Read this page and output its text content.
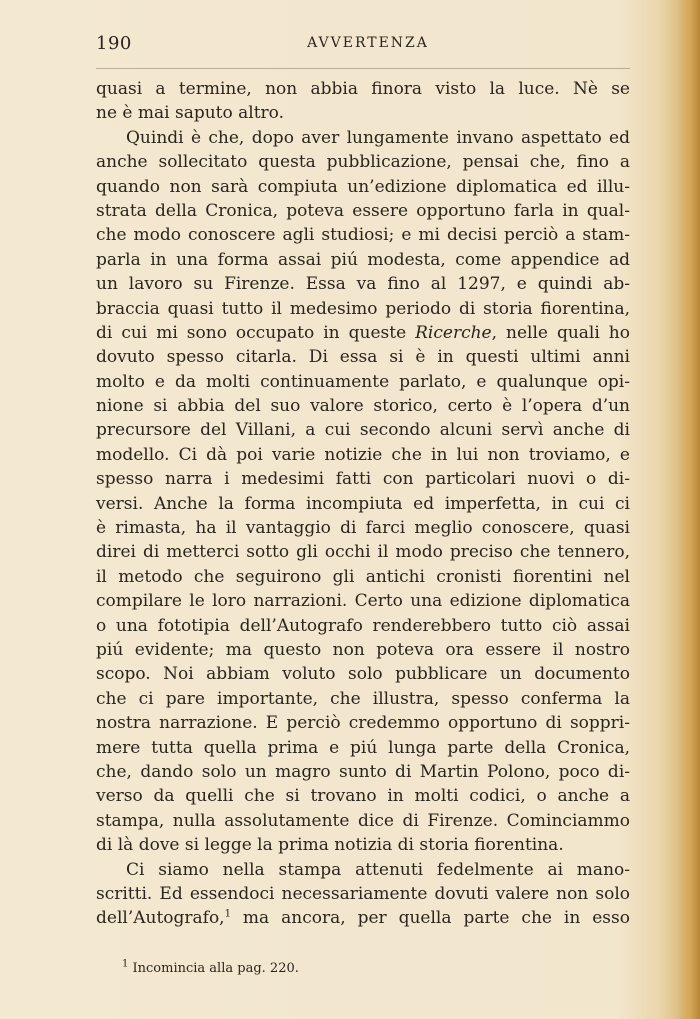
190	AVVERTENZA
quasi a termine, non abbia finora visto la luce. Nè se
ne è mai saputo altro.
Quindi è che, dopo aver lungamente invano aspettato ed
anche sollecitato questa pubblicazione, pensai che, fino a
quando non sarà compiuta un’edizione diplomatica ed illu-
strata della Cronica, poteva essere opportuno farla in qual-
che modo conoscere agli studiosi; e mi decisi perciò a stam-
parla in una forma assai piú modesta, come appendice ad
un lavoro su Firenze. Essa va fino al 1297, e quindi ab-
braccia quasi tutto il medesimo periodo di storia fiorentina,
di cui mi sono occupato in queste Ricerche, nelle quali ho
dovuto spesso citarla. Di essa si è in questi ultimi anni
molto e da molti continuamente parlato, e qualunque opi-
nione si abbia del suo valore storico, certo è l’opera d’un
precursore del Villani, a cui secondo alcuni servì anche di
modello. Ci dà poi varie notizie che in lui non troviamo, e
spesso narra i medesimi fatti con particolari nuovi o di-
versi. Anche la forma incompiuta ed imperfetta, in cui ci
è rimasta, ha il vantaggio di farci meglio conoscere, quasi
direi di metterci sotto gli occhi il modo preciso che tennero,
il metodo che seguirono gli antichi cronisti fiorentini nel
compilare le loro narrazioni. Certo una edizione diplomatica
o una fototipia dell’Autografo renderebbero tutto ciò assai
piú evidente; ma questo non poteva ora essere il nostro
scopo. Noi abbiam voluto solo pubblicare un documento
che ci pare importante, che illustra, spesso conferma la
nostra narrazione. E perciò credemmo opportuno di soppri-
mere tutta quella prima e piú lunga parte della Cronica,
che, dando solo un magro sunto di Martin Polono, poco di-
verso da quelli che si trovano in molti codici, o anche a
stampa, nulla assolutamente dice di Firenze. Cominciammo
di là dove si legge la prima notizia di storia fiorentina.
Ci siamo nella stampa attenuti fedelmente ai mano-
scritti. Ed essendoci necessariamente dovuti valere non solo
dell’Autografo,$^1$ ma ancora, per quella parte che in esso
$^1$ Incomincia alla pag. 220.
